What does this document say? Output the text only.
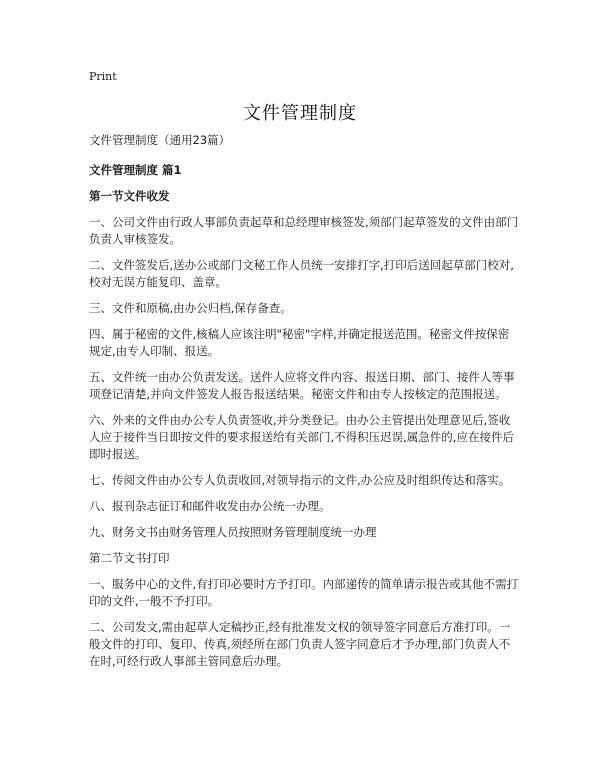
Print
文件管理制度

文件管理制度（通用23篇）

文件管理制度 篇1

第一节文件收发

一、公司文件由行政人事部负责起草和总经理审核签发,须部门起草签发的文件由部门负责人审核签发。

二、文件签发后,送办公或部门文秘工作人员统一安排打字,打印后送回起草部门校对,校对无误方能复印、盖章。

三、文件和原稿,由办公归档,保存备查。

四、属于秘密的文件,核稿人应该注明"秘密"字样,并确定报送范围。秘密文件按保密规定,由专人印制、报送。

五、文件统一由办公负责发送。送件人应将文件内容、报送日期、部门、接件人等事项登记清楚,并向文件签发人报告报送结果。秘密文件和由专人按核定的范围报送。

六、外来的文件由办公专人负责签收,并分类登记。由办公主管提出处理意见后,签收人应于接件当日即按文件的要求报送给有关部门,不得积压迟误,属急件的,应在接件后即时报送。

七、传阅文件由办公专人负责收回,对领导指示的文件,办公应及时组织传达和落实。

八、报刊杂志征订和邮件收发由办公统一办理。

九、财务文书由财务管理人员按照财务管理制度统一办理

第二节文书打印

一、服务中心的文件,有打印必要时方予打印。内部递传的简单请示报告或其他不需打印的文件,一般不予打印。

二、公司发文,需由起草人定稿抄正,经有批准发文权的领导签字同意后方准打印。一般文件的打印、复印、传真,须经所在部门负责人签字同意后才予办理,部门负责人不在时,可经行政人事部主管同意后办理。
